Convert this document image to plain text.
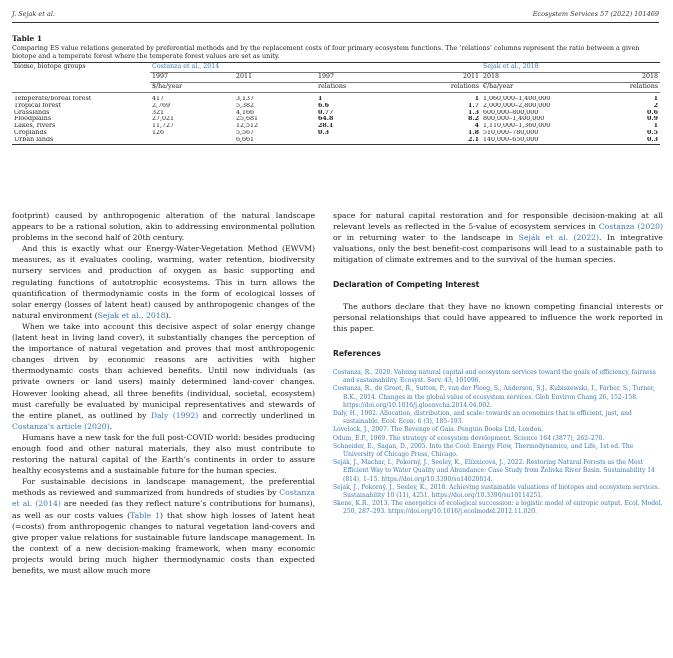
J. Sejak et al.	Ecosystem Services 57 (2022) 101469
Table 1
Comparing ES value relations generated by preferential methods and by the replacement costs of four primary ecosystem functions. The ’relations’ columns represent the ratio between a given biotope and a temperate forest where the temperate forest values are set as unity.
biome, biotope groups	Costanza et al., 2014				Sejak et al., 2018	
	1997	2011	1997	2011	2018	2018
	$/ha/year		relations	relations	€/ha/year	relations

Temperate/boreal forest	417	3,137	1	1	1,060,000–1,400,000	1
Tropical forest	2,769	5,382	6.6	1.7	2,000,000–2,800,000	2
Grasslands	321	4,166	0.77	1.3	600,000–800,000	0.6
Floodplains	27,021	25,681	64.8	8.2	800,000–1,400,000	0.9
Lakes, rivers	11,727	12,512	28.1	4	1,110,000–1,360,000	1
Croplands	126	5,567	0.3	1.8	510,000–780,000	0.5
Urban lands		6,661		2.1	140,000–650,000	0.3

footprint) caused by anthropogenic alteration of the natural landscape appears to be a rational solution, akin to addressing environmental pollution problems in the second half of 20th century.

And this is exactly what our Energy-Water-Vegetation Method (EWVM) measures, as it evaluates cooling, warming, water retention, biodiversity nursery services and production of oxygen as basic supporting and regulating functions of autotrophic ecosystems. This in turn allows the quantification of thermodynamic costs in the form of ecological losses of solar energy (losses of latent heat) caused by anthropogenic changes of the natural environment (Sejak et al., 2018).

When we take into account this decisive aspect of solar energy change (latent heat in living land cover), it substantially changes the perception of the importance of natural vegetation and proves that most anthropogenic changes driven by economic reasons are activities with higher thermodynamic costs than achieved benefits. Until now individuals (as private owners or land users) mainly determined land-cover changes. However looking ahead, all three benefits (individual, societal, ecosystem) must carefully be evaluated by municipal representatives and stewards of the entire planet, as outlined by Daly (1992) and correctly underlined in Costanza’s article (2020).

Humans have a new task for the full post-COVID world: besides producing enough food and other natural materials, they also must contribute to restoring the natural capital of the Earth’s continents in order to assure healthy ecosystems and a sustainable future for the human species.

For sustainable decisions in landscape management, the preferential methods as reviewed and summarized from hundreds of studies by Costanza et al. (2014) are needed (as they reflect nature’s contributions for humans), as well as our costs values (Table 1) that show high losses of latent heat (=costs) from anthropogenic changes to natural vegetation land-covers and give proper value relations for sustainable future landscape management. In the context of a new decision-making framework, when many economic projects would bring much higher thermodynamic costs than expected benefits, we must allow much more

space for natural capital restoration and for responsible decision-making at all relevant levels as reflected in the 5-value of ecosystem services in Costanza (2020) or in returning water to the landscape in Seják et al. (2022). In integrative valuations, only the best benefit-cost comparisons will lead to a sustainable path to mitigation of climate extremes and to the survival of the human species.

Declaration of Competing Interest

The authors declare that they have no known competing financial interests or personal relationships that could have appeared to influence the work reported in this paper.

References

Costanza, R., 2020. Valuing natural capital and ecosystem services toward the goals of efficiency, fairness and sustainability. Ecosyst. Serv. 43, 101096.

Costanza, R., de Groot, R., Sutton, P., van der Ploeg, S., Anderson, S.J., Kubiszewski, I., Farber, S., Turner, R.K., 2014. Changes in the global value of ecosystem services. Glob Environ Chang 26, 152–158. https://doi.org/10.1016/j.gloenvcha.2014.04.002.

Daly, H., 1992. Allocation, distribution, and scale: towards an economics that is efficient, just, and sustainable. Ecol. Econ. 6 (3), 185–193.

Lovelock, J., 2007. The Revenge of Gaia. Penguin Books Ltd, London.

Odum, E.P., 1969. The strategy of ecosystem development. Science 164 (3877), 262–270.

Schneider, E., Sagan, D., 2005. Into the Cool: Energy Flow, Thermodynamics, and Life, 1st ed. The University of Chicago Press, Chicago.

Seják, J., Machar, I., Pokorný, J., Seeley, K., Elíznicová, J., 2022. Restoring Natural Forests as the Most Efficient Way to Water Quality and Abundance: Case Study from Želivka River Basin. Sustainability 14 (814), 1–15. https://doi.org/10.3390/su14020814.

Seják, J., Pokorný, J., Seeley, K., 2018. Achieving sustainable valuations of biotopes and ecosystem services. Sustainability 10 (11), 4251. https://doi.org/10.3390/su10114251.

Skene, K.R., 2013. The energetics of ecological succession: a logistic model of entropic output. Ecol. Model. 250, 287–293. https://doi.org/10.1016/j.ecolmodel.2012.11.020.
